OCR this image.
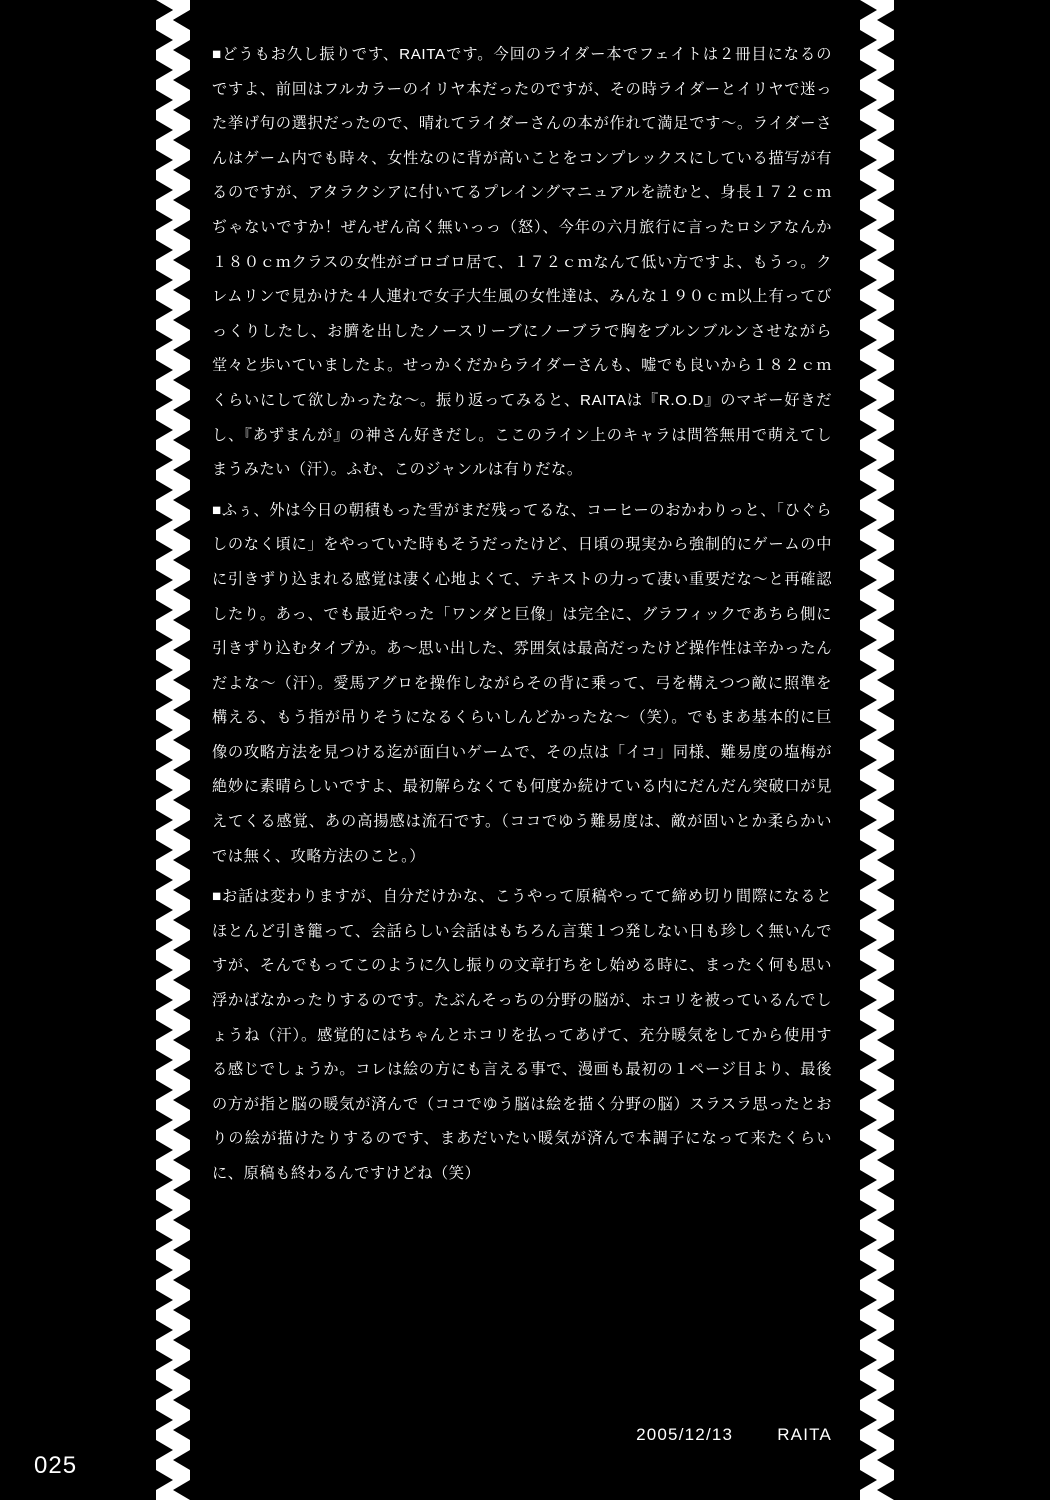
■どうもお久し振りです、RAITAです。今回のライダー本でフェイトは２冊目になるのですよ、前回はフルカラーのイリヤ本だったのですが、その時ライダーとイリヤで迷った挙げ句の選択だったので、晴れてライダーさんの本が作れて満足です〜。ライダーさんはゲーム内でも時々、女性なのに背が高いことをコンプレックスにしている描写が有るのですが、アタラクシアに付いてるプレイングマニュアルを読むと、身長１７２ｃｍぢゃないですか！ぜんぜん高く無いっっ（怒）、今年の六月旅行に言ったロシアなんか１８０ｃｍクラスの女性がゴロゴロ居て、１７２ｃｍなんて低い方ですよ、もうっ。クレムリンで見かけた４人連れで女子大生風の女性達は、みんな１９０ｃｍ以上有ってびっくりしたし、お臍を出したノースリーブにノーブラで胸をブルンブルンさせながら堂々と歩いていましたよ。せっかくだからライダーさんも、嘘でも良いから１８２ｃｍくらいにして欲しかったな〜。振り返ってみると、RAITAは『R.O.D』のマギー好きだし、『あずまんが』の神さん好きだし。ここのライン上のキャラは問答無用で萌えてしまうみたい（汗）。ふむ、このジャンルは有りだな。

■ふぅ、外は今日の朝積もった雪がまだ残ってるな、コーヒーのおかわりっと、「ひぐらしのなく頃に」をやっていた時もそうだったけど、日頃の現実から強制的にゲームの中に引きずり込まれる感覚は凄く心地よくて、テキストの力って凄い重要だな〜と再確認したり。あっ、でも最近やった「ワンダと巨像」は完全に、グラフィックであちら側に引きずり込むタイプか。あ〜思い出した、雰囲気は最高だったけど操作性は辛かったんだよな〜（汗）。愛馬アグロを操作しながらその背に乗って、弓を構えつつ敵に照準を構える、もう指が吊りそうになるくらいしんどかったな〜（笑）。でもまあ基本的に巨像の攻略方法を見つける迄が面白いゲームで、その点は「イコ」同様、難易度の塩梅が絶妙に素晴らしいですよ、最初解らなくても何度か続けている内にだんだん突破口が見えてくる感覚、あの高揚感は流石です。（ココでゆう難易度は、敵が固いとか柔らかいでは無く、攻略方法のこと。）

■お話は変わりますが、自分だけかな、こうやって原稿やってて締め切り間際になるとほとんど引き籠って、会話らしい会話はもちろん言葉１つ発しない日も珍しく無いんですが、そんでもってこのように久し振りの文章打ちをし始める時に、まったく何も思い浮かばなかったりするのです。たぶんそっちの分野の脳が、ホコリを被っているんでしょうね（汗）。感覚的にはちゃんとホコリを払ってあげて、充分暖気をしてから使用する感じでしょうか。コレは絵の方にも言える事で、漫画も最初の１ページ目より、最後の方が指と脳の暖気が済んで（ココでゆう脳は絵を描く分野の脳）スラスラ思ったとおりの絵が描けたりするのです、まあだいたい暖気が済んで本調子になって来たくらいに、原稿も終わるんですけどね（笑）

2005/12/13	RAITA
025
